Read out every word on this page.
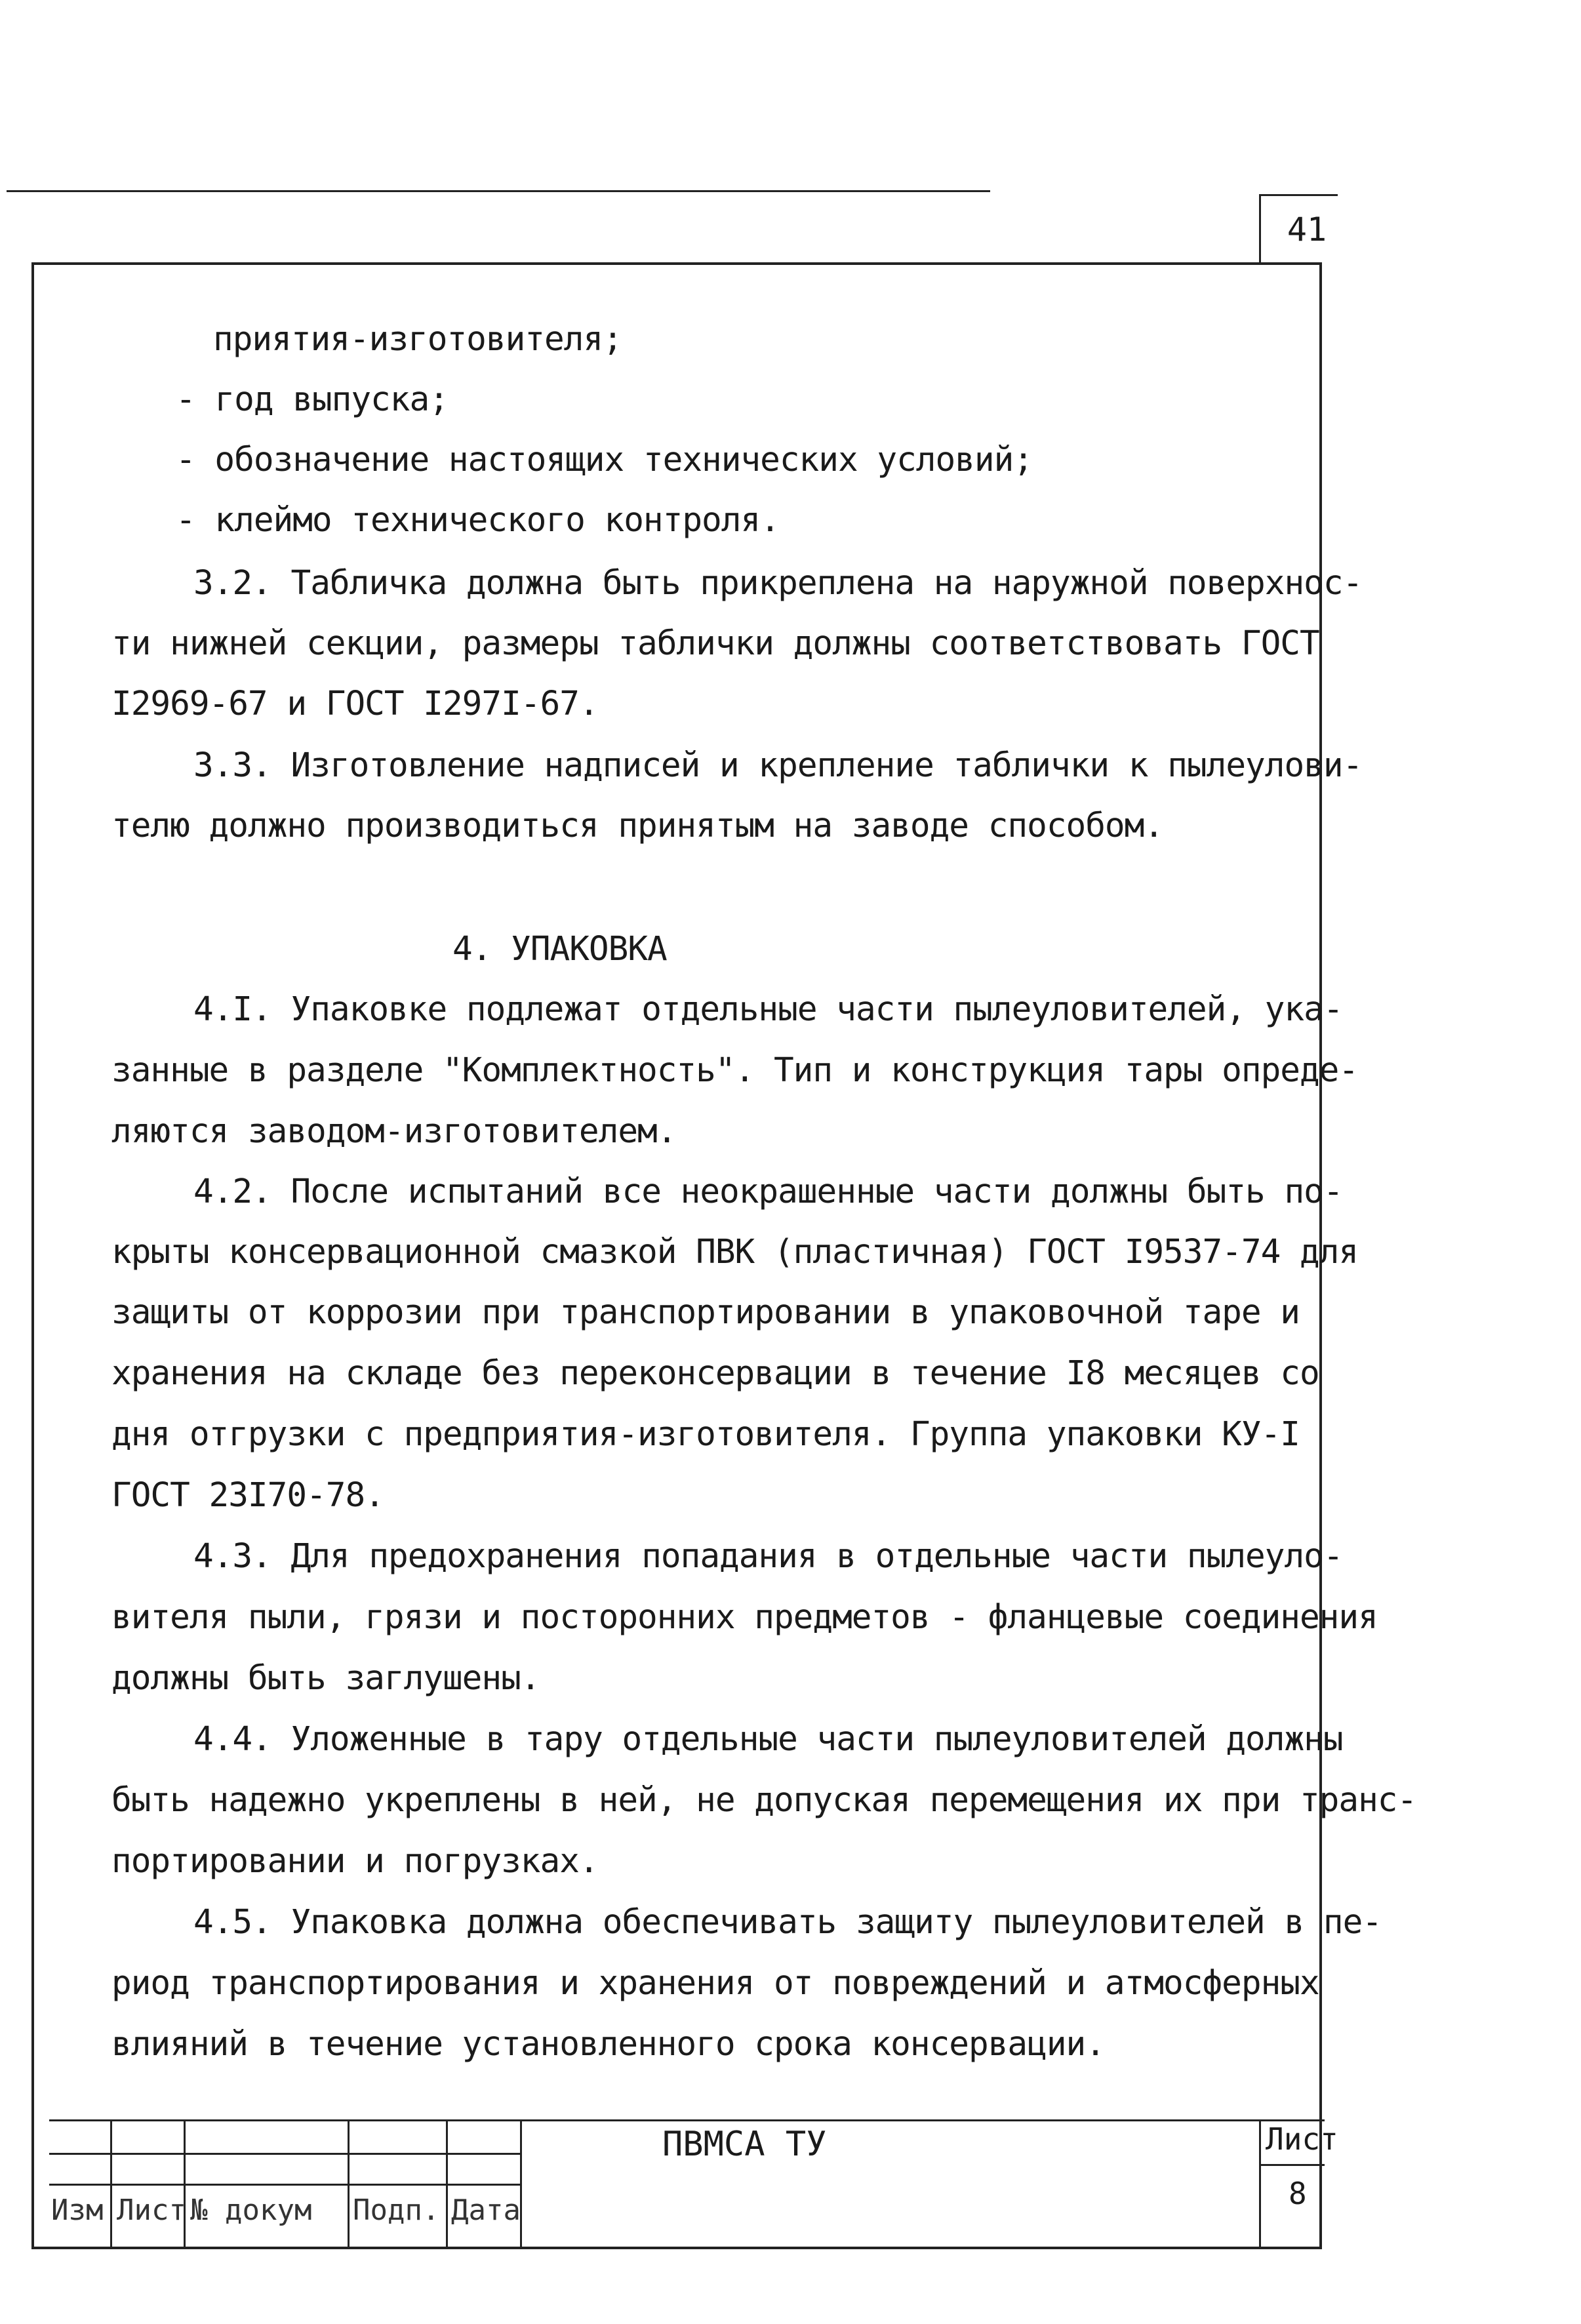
41
приятия-изготовителя;
- год выпуска;
- обозначение настоящих технических условий;
- клеймо технического контроля.
3.2. Табличка должна быть прикреплена на наружной поверхнос-
ти нижней секции, размеры таблички должны соответствовать ГОСТ
I2969-67 и ГОСТ I297I-67.
3.3. Изготовление надписей и крепление таблички к пылеулови-
телю должно производиться принятым на заводе способом.
4. УПАКОВКА
4.I. Упаковке подлежат отдельные части пылеуловителей, ука-
занные в разделе "Комплектность". Тип и конструкция тары опреде-
ляются заводом-изготовителем.
4.2. После испытаний все неокрашенные части должны быть по-
крыты консервационной смазкой ПВК (пластичная) ГОСТ I9537-74 для
защиты от коррозии при транспортировании в упаковочной таре и
хранения на складе без переконсервации в течение I8 месяцев со
дня отгрузки с предприятия-изготовителя. Группа упаковки КУ-I
ГОСТ 23I70-78.
4.3. Для предохранения попадания в отдельные части пылеуло-
вителя пыли, грязи и посторонних предметов - фланцевые соединения
должны быть заглушены.
4.4. Уложенные в тару отдельные части пылеуловителей должны
быть надежно укреплены в ней, не допуская перемещения их при транс-
портировании и погрузках.
4.5. Упаковка должна обеспечивать защиту пылеуловителей в пе-
риод транспортирования и хранения от повреждений и атмосферных
влияний в течение установленного срока консервации.
Изм Лист № докум Подп. Дата
ПВМСА ТУ	Лист
8
